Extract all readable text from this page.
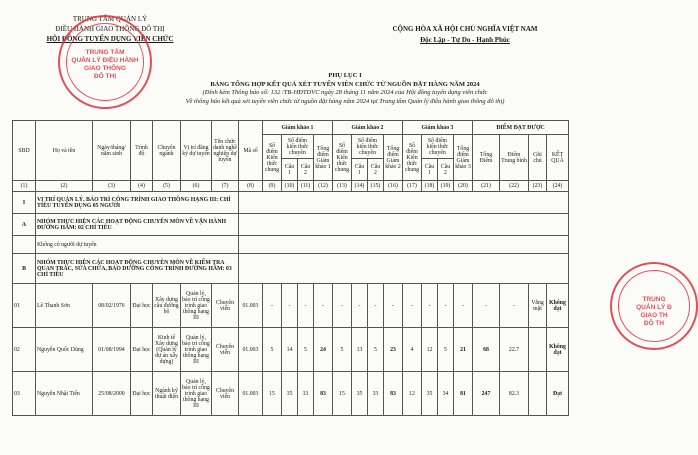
TRUNG TÂM QUẢN LÝ
ĐIỀU HÀNH GIAO THÔNG ĐÔ THỊ
HỘI ĐỒNG TUYỂN DỤNG VIÊN CHỨC
CỘNG HÒA XÃ HỘI CHỦ NGHĨA VIỆT NAM
Độc Lập - Tự Do - Hạnh Phúc
TRUNG TÂM
QUẢN LÝ ĐIỀU HÀNH
GIAO THÔNG
ĐÔ THỊ
TRUNG
QUẢN LÝ Đ
GIAO TH
ĐÔ TH
PHỤ LỤC I
BẢNG TỔNG HỢP KẾT QUẢ XÉT TUYỂN VIÊN CHỨC TỪ NGUỒN ĐẶT HÀNG NĂM 2024
(Đính kèm Thông báo số: 132 /TB-HĐTDVC ngày 28 tháng 11 năm 2024 của Hội đồng tuyển dụng viên chức
Về thông báo kết quả xét tuyển viên chức từ nguồn đặt hàng năm 2024 tại Trung tâm Quản lý điều hành giao thông đô thị)
SBD	Họ và tên	Ngày/tháng/ năm sinh	Trình độ	Chuyên ngành	Vị trí đăng ký dự tuyển	Tên chức danh nghề nghiệp dự tuyển	Mã số	Giám khảo 1				Giám khảo 2				Giám khảo 3				ĐIỂM ĐẠT ĐƯỢC			
								Số điểm Kiến thức chung	Số điểm kiến thức chuyên		Tổng điểm Giám khảo 1	Số điểm Kiến thức chung	Số điểm kiến thức chuyên		Tổng điểm Giám khảo 2	Số điểm Kiến thức chung	Số điểm kiến thức chuyên		Tổng điểm Giám khảo 3	Tổng Điểm	Điểm Trung bình	Ghi chú	KẾT QUẢ
									Câu 1	Câu 2			Câu 1	Câu 2			Câu 1	Câu 2					
(1)	(2)	(3)	(4)	(5)	(6)	(7)	(8)	(9)	(10)	(11)	(12)	(13)	(14)	(15)	(16)	(17)	(18)	(19)	(20)	(21)	(22)	(23)	(24)
I	VỊ TRÍ QUẢN LÝ, BẢO TRÌ CÔNG TRÌNH GIAO THÔNG HẠNG III: CHỈ TIÊU TUYỂN DỤNG 05 NGƯỜI																						
A	NHÓM THỰC HIỆN CÁC HOẠT ĐỘNG CHUYÊN MÔN VỀ VẬN HÀNH ĐƯỜNG HẦM: 02 CHỈ TIÊU																						
	Không có người dự tuyển																						
B	NHÓM THỰC HIỆN CÁC HOẠT ĐỘNG CHUYÊN MÔN VỀ KIỂM TRA QUAN TRẮC, SỬA CHỮA, BẢO DƯỠNG CÔNG TRÌNH ĐƯỜNG HẦM: 03 CHỈ TIÊU																						
01	Lê Thanh Sơn	08/02/1976	Đại học	Xây dựng cầu đường bộ	Quản lý, bảo trì công trình giao thông hạng III	Chuyên viên	01.003	-	-	-	-	-	-	-	-	-	-	-	-	-	-	Vắng mặt	Không đạt
02	Nguyễn Quốc Dũng	01/08/1994	Đại học	Kinh tế Xây dựng (Quản lý dự án xây dựng)	Quản lý, bảo trì công trình giao thông hạng III	Chuyên viên	01.003	5	14	5	24	5	13	5	23	4	12	5	21	68	22.7		Không đạt
03	Nguyễn Nhật Tiến	25/08/2000	Đại học	Ngành kỹ thuật điện	Quản lý, bảo trì công trình giao thông hạng III	Chuyên viên	01.003	15	35	33	83	15	35	33	83	12	35	34	81	247	82.3		Đạt
